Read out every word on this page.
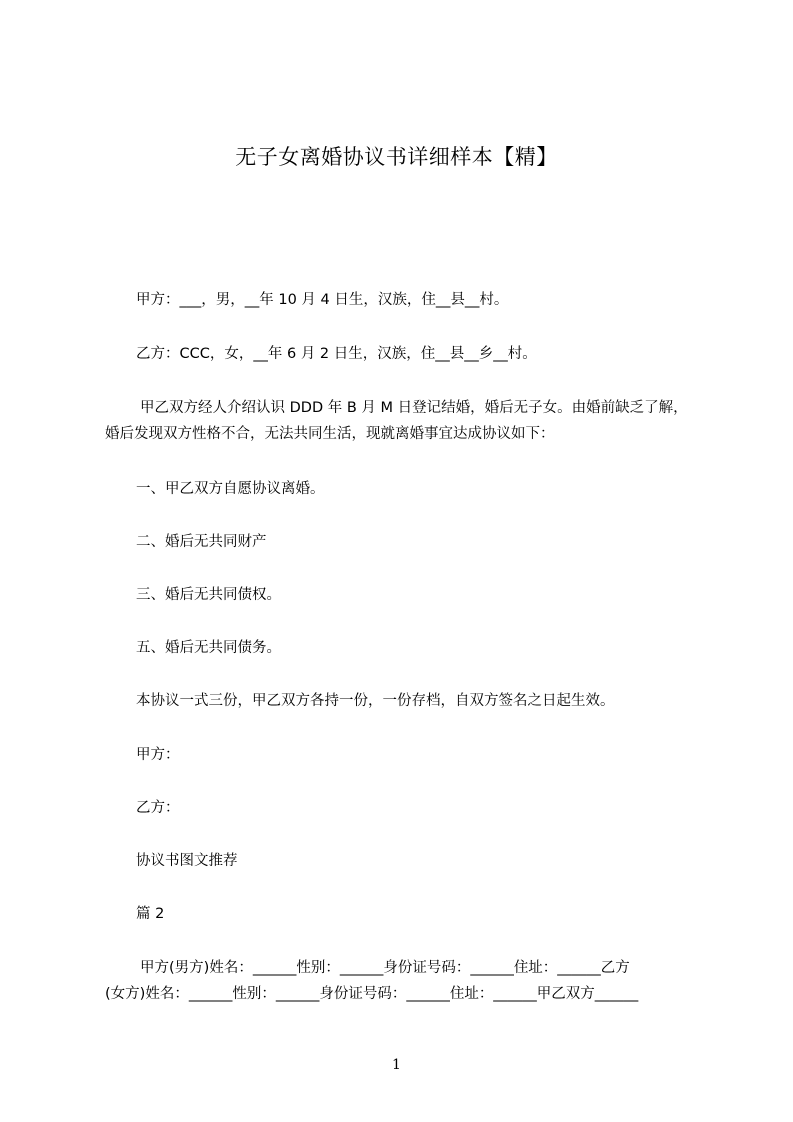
无子女离婚协议书详细样本【精】
甲方：___，男，__年 10 月 4 日生，汉族，住__县__村。
乙方：CCC，女，__年 6 月 2 日生，汉族，住__县__乡__村。
甲乙双方经人介绍认识 DDD 年 B 月 M 日登记结婚，婚后无子女。由婚前缺乏了解，
婚后发现双方性格不合，无法共同生活，现就离婚事宜达成协议如下：
一、甲乙双方自愿协议离婚。
二、婚后无共同财产
三、婚后无共同债权。
五、婚后无共同债务。
本协议一式三份，甲乙双方各持一份，一份存档，自双方签名之日起生效。
甲方：
乙方：
协议书图文推荐
篇 2
甲方(男方)姓名：______性别：______身份证号码：______住址：______乙方
(女方)姓名：______性别：______身份证号码：______住址：______甲乙双方______
1
